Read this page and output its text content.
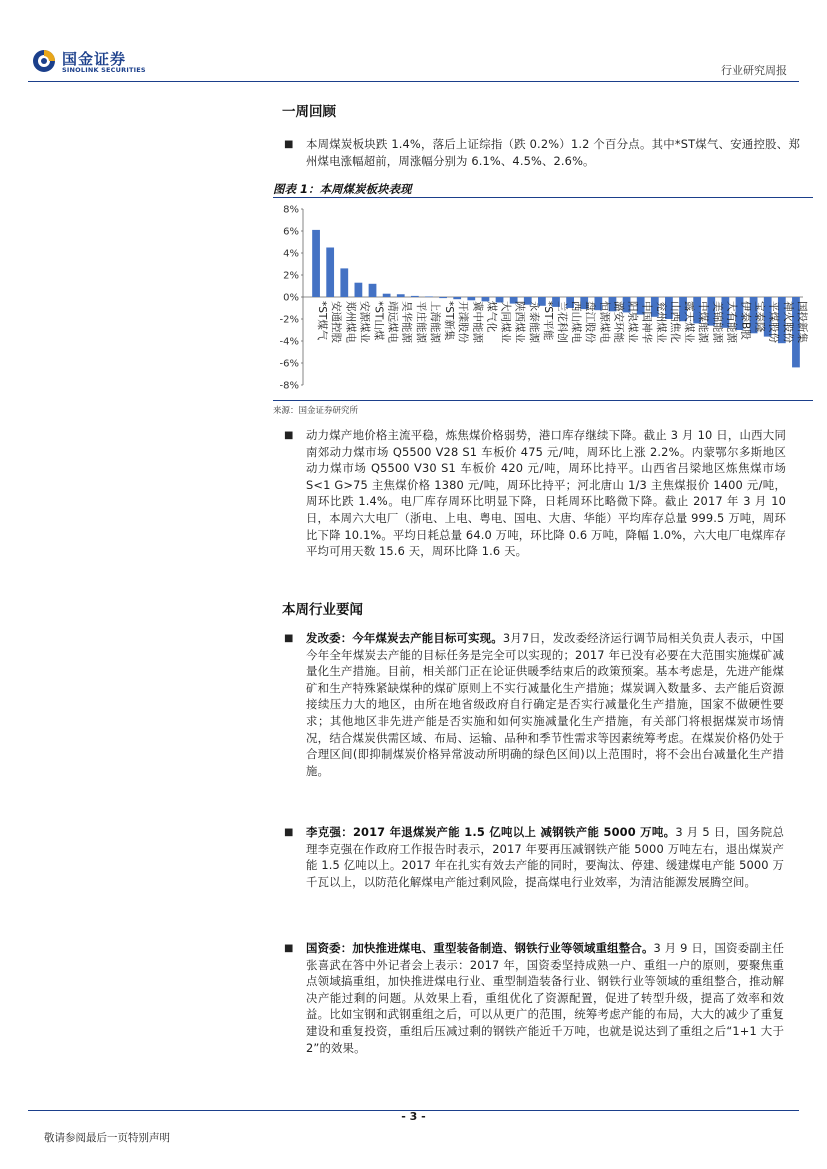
国金证券
SINOLINK SECURITIES	行业研究周报
一周回顾
■ 本周煤炭板块跌 1.4%，落后上证综指（跌 0.2%）1.2 个百分点。其中*ST煤气、安通控股、郑州煤电涨幅超前，周涨幅分别为 6.1%、4.5%、2.6%。
图表 1：本周煤炭板块表现
8%
6%
4%
2%
0%
-2%
-4%
-6%
-8%
*ST煤气 安通控股 郑州煤电 安源煤业 *ST山煤 靖远煤电 昊华能源 平庄能源 上海能源 *ST新集 开滦股份 冀中能源 煤气化 大同煤业 陕西煤业 永泰能源 *ST平能 兰花科创 西山煤电 盘江股份 恒源煤电 潞安环能 阳泉煤业 中国神华 兖州煤业 山西焦化 露天煤业 中煤能源 美锦能源 大有能源 伊泰B股 宝泰隆 平煤股份 神火股份 国投新集
来源：国金证券研究所
■ 动力煤产地价格主流平稳，炼焦煤价格弱势，港口库存继续下降。截止 3 月 10 日，山西大同南郊动力煤市场 Q5500 V28 S1 车板价 475 元/吨，周环比上涨 2.2%。内蒙鄂尔多斯地区动力煤市场 Q5500 V30 S1 车板价 420 元/吨，周环比持平。山西省吕梁地区炼焦煤市场 S<1 G>75 主焦煤价格 1380 元/吨，周环比持平；河北唐山 1/3 主焦煤报价 1400 元/吨，周环比跌 1.4%。电厂库存周环比明显下降，日耗周环比略微下降。截止 2017 年 3 月 10 日，本周六大电厂（浙电、上电、粤电、国电、大唐、华能）平均库存总量 999.5 万吨，周环比下降 10.1%。平均日耗总量 64.0 万吨，环比降 0.6 万吨，降幅 1.0%，六大电厂电煤库存平均可用天数 15.6 天，周环比降 1.6 天。
本周行业要闻
■ 发改委：今年煤炭去产能目标可实现。3月7日，发改委经济运行调节局相关负责人表示，中国今年全年煤炭去产能的目标任务是完全可以实现的；2017 年已没有必要在大范围实施煤矿减量化生产措施。目前，相关部门正在论证供暖季结束后的政策预案。基本考虑是，先进产能煤矿和生产特殊紧缺煤种的煤矿原则上不实行减量化生产措施；煤炭调入数量多、去产能后资源接续压力大的地区，由所在地省级政府自行确定是否实行减量化生产措施，国家不做硬性要求；其他地区非先进产能是否实施和如何实施减量化生产措施，有关部门将根据煤炭市场情况，结合煤炭供需区域、布局、运输、品种和季节性需求等因素统筹考虑。在煤炭价格仍处于合理区间(即抑制煤炭价格异常波动所明确的绿色区间)以上范围时，将不会出台减量化生产措施。
■ 李克强：2017 年退煤炭产能 1.5 亿吨以上 减钢铁产能 5000 万吨。3 月 5 日，国务院总理李克强在作政府工作报告时表示，2017 年要再压减钢铁产能 5000 万吨左右，退出煤炭产能 1.5 亿吨以上。2017 年在扎实有效去产能的同时，要淘汰、停建、缓建煤电产能 5000 万千瓦以上，以防范化解煤电产能过剩风险，提高煤电行业效率，为清洁能源发展腾空间。
■ 国资委：加快推进煤电、重型装备制造、钢铁行业等领域重组整合。3 月 9 日，国资委副主任张喜武在答中外记者会上表示：2017 年，国资委坚持成熟一户、重组一户的原则，要聚焦重点领域搞重组，加快推进煤电行业、重型制造装备行业、钢铁行业等领域的重组整合，推动解决产能过剩的问题。从效果上看，重组优化了资源配置，促进了转型升级，提高了效率和效益。比如宝钢和武钢重组之后，可以从更广的范围，统筹考虑产能的布局，大大的减少了重复建设和重复投资，重组后压减过剩的钢铁产能近千万吨，也就是说达到了重组之后“1+1 大于 2”的效果。
- 3 -
敬请参阅最后一页特别声明
